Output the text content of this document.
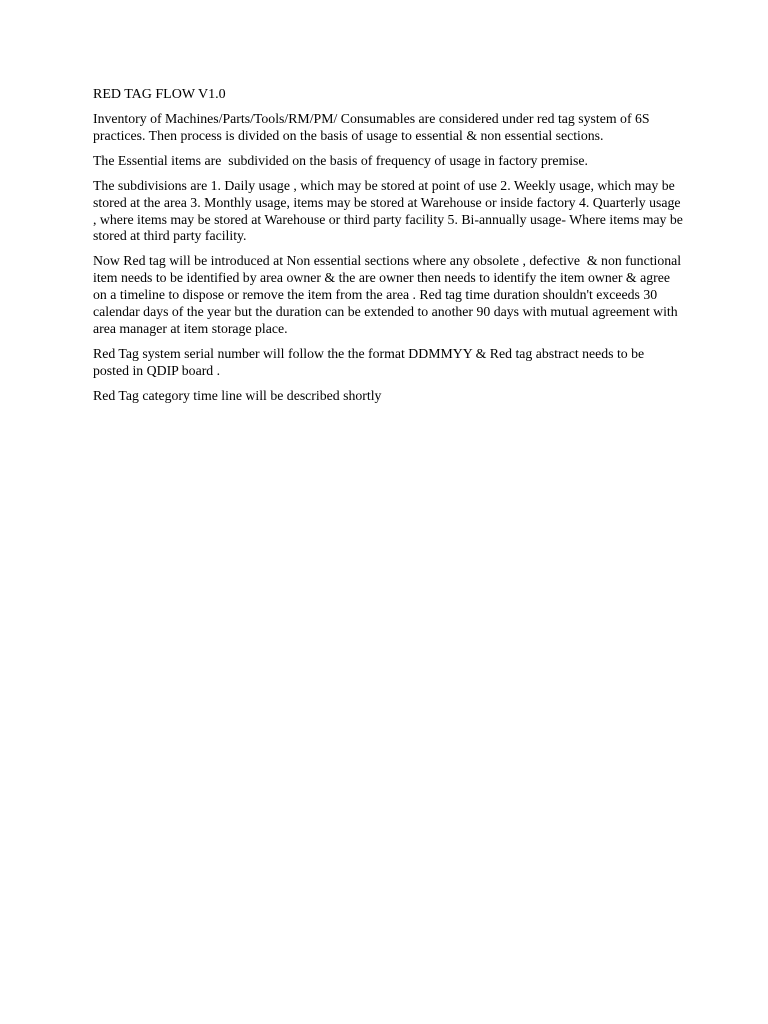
RED TAG FLOW V1.0

Inventory of Machines/Parts/Tools/RM/PM/ Consumables are considered under red tag system of 6S practices. Then process is divided on the basis of usage to essential & non essential sections.

The Essential items are  subdivided on the basis of frequency of usage in factory premise.

The subdivisions are 1. Daily usage , which may be stored at point of use 2. Weekly usage, which may be stored at the area 3. Monthly usage, items may be stored at Warehouse or inside factory 4. Quarterly usage , where items may be stored at Warehouse or third party facility 5. Bi-annually usage- Where items may be stored at third party facility.

Now Red tag will be introduced at Non essential sections where any obsolete , defective  & non functional item needs to be identified by area owner & the are owner then needs to identify the item owner & agree on a timeline to dispose or remove the item from the area . Red tag time duration shouldn't exceeds 30 calendar days of the year but the duration can be extended to another 90 days with mutual agreement with area manager at item storage place.

Red Tag system serial number will follow the the format DDMMYY & Red tag abstract needs to be posted in QDIP board .

Red Tag category time line will be described shortly
